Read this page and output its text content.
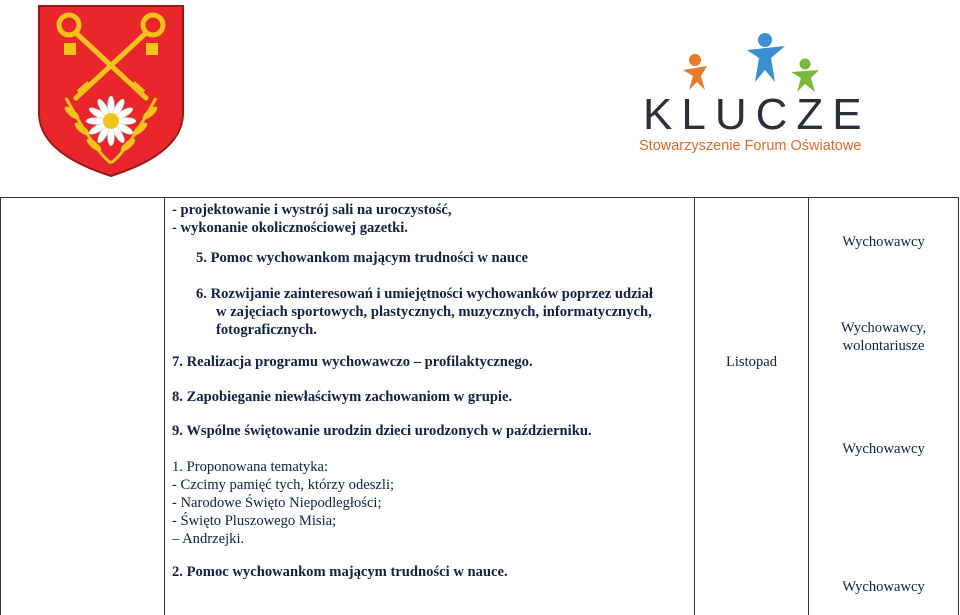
KLUCZE
Stowarzyszenie Forum Oświatowe
- projektowanie i wystrój sali na uroczystość,
- wykonanie okolicznościowej gazetki.
5. Pomoc wychowankom mającym trudności w nauce
6. Rozwijanie zainteresowań i umiejętności wychowanków poprzez udział
w zajęciach sportowych, plastycznych, muzycznych, informatycznych,
fotograficznych.
7. Realizacja programu wychowawczo – profilaktycznego.
8. Zapobieganie niewłaściwym zachowaniom w grupie.
9. Wspólne świętowanie urodzin dzieci urodzonych w październiku.
1. Proponowana tematyka:
- Czcimy pamięć tych, którzy odeszli;
- Narodowe Święto Niepodległości;
- Święto Pluszowego Misia;
– Andrzejki.
2. Pomoc wychowankom mającym trudności w nauce.
Listopad
Wychowawcy
Wychowawcy,
wolontariusze
Wychowawcy
Wychowawcy
